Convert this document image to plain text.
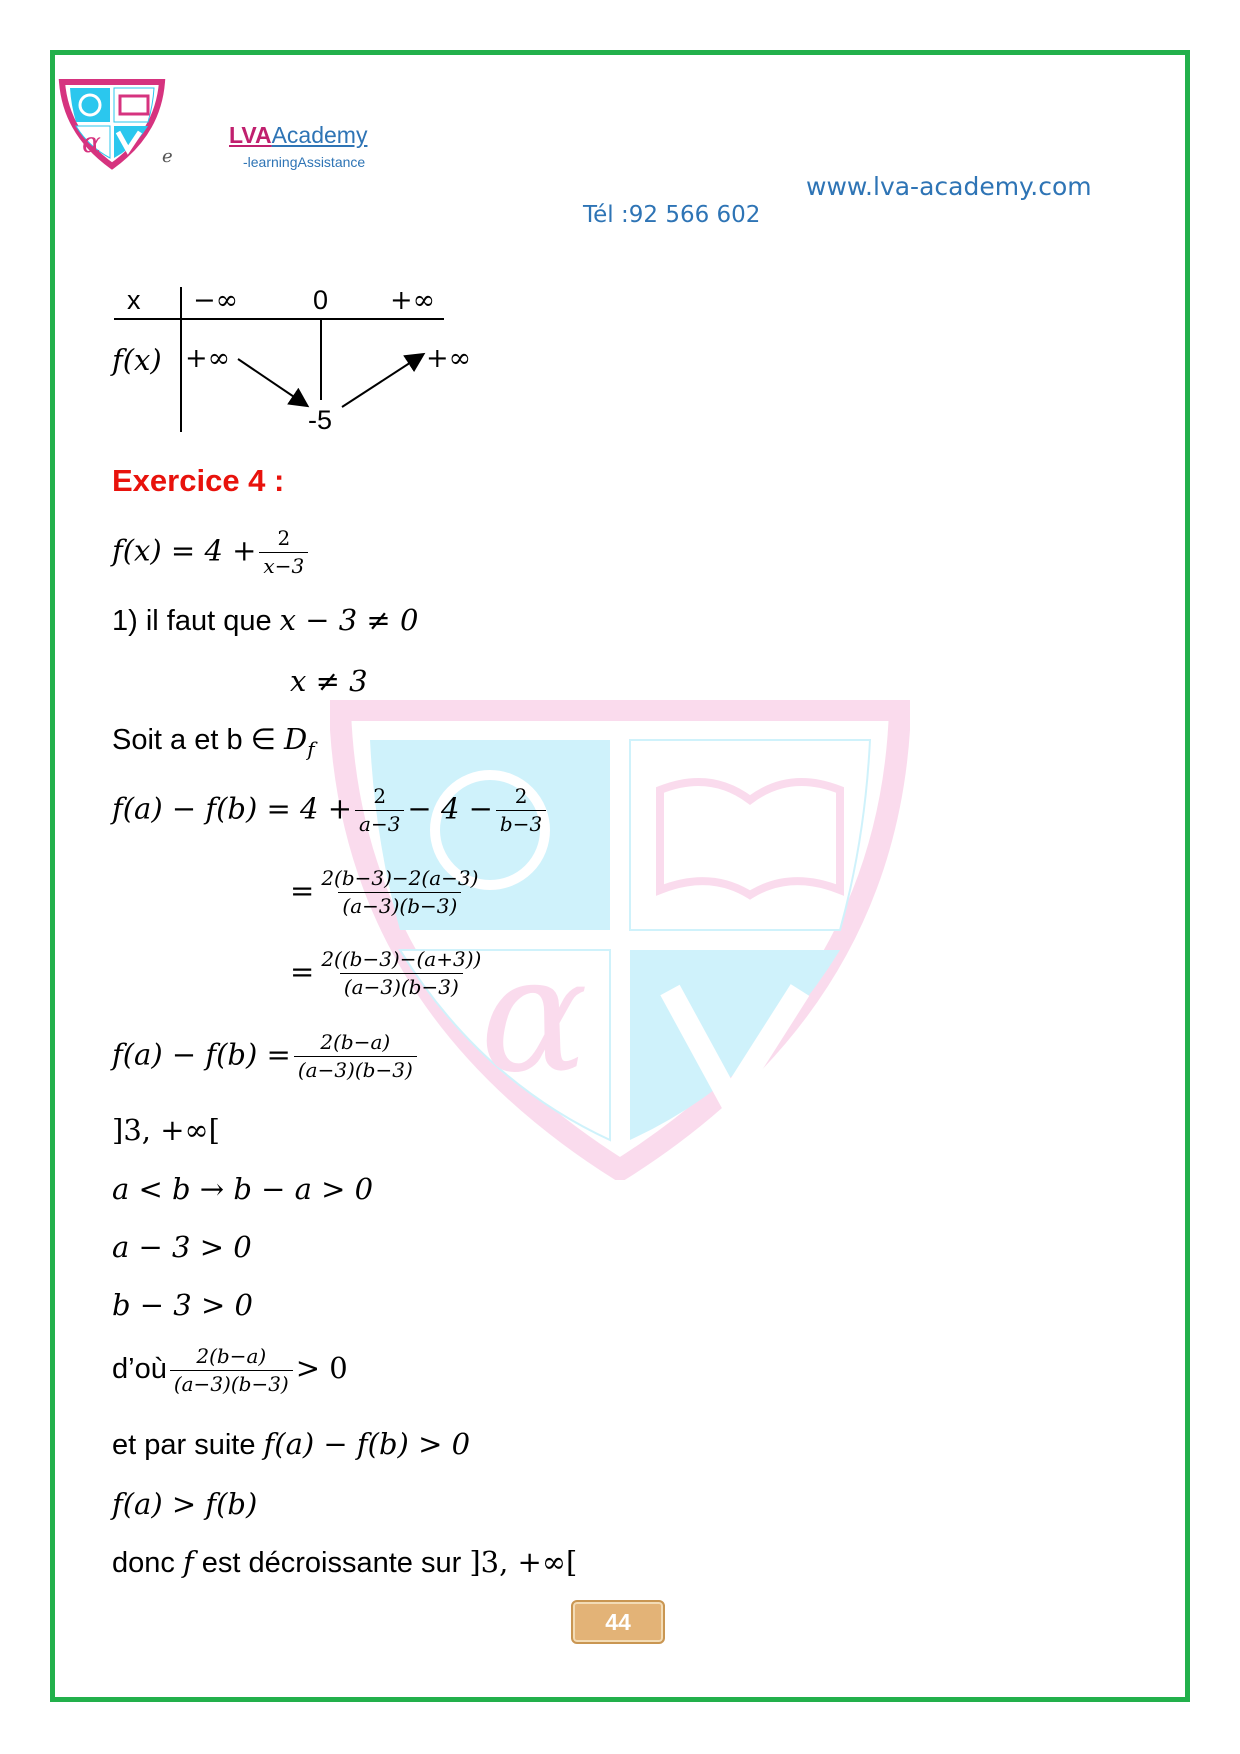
α
α	e
LVAAcademy
-learningAssistance
www.lva-academy.com
Tél :92 566 602
x
f(x)
−∞	0 +∞
+∞
-5
+∞
Exercice 4 :
$f(x) = 4 + \frac{2}{x-3}$
1) il faut que x − 3 ≠ 0
x ≠ 3
Soit a et b ∈ $D_f$
$f(a) - f(b) = 4 + \frac{2}{a-3} - 4 - \frac{2}{b-3}$
= $\frac{2(b-3)-2(a-3)}{(a-3)(b-3)}$
= $\frac{2((b-3)-(a+3))}{(a-3)(b-3)}$
$f(a) - f(b) = \frac{2(b-a)}{(a-3)(b-3)}$
]3, +∞[
a < b → b − a > 0
a − 3 > 0
b − 3 > 0
d’où $\frac{2(b-a)}{(a-3)(b-3)} > 0$
et par suite f(a) − f(b) > 0
f(a) > f(b)
donc f est décroissante sur ]3, +∞[
44
